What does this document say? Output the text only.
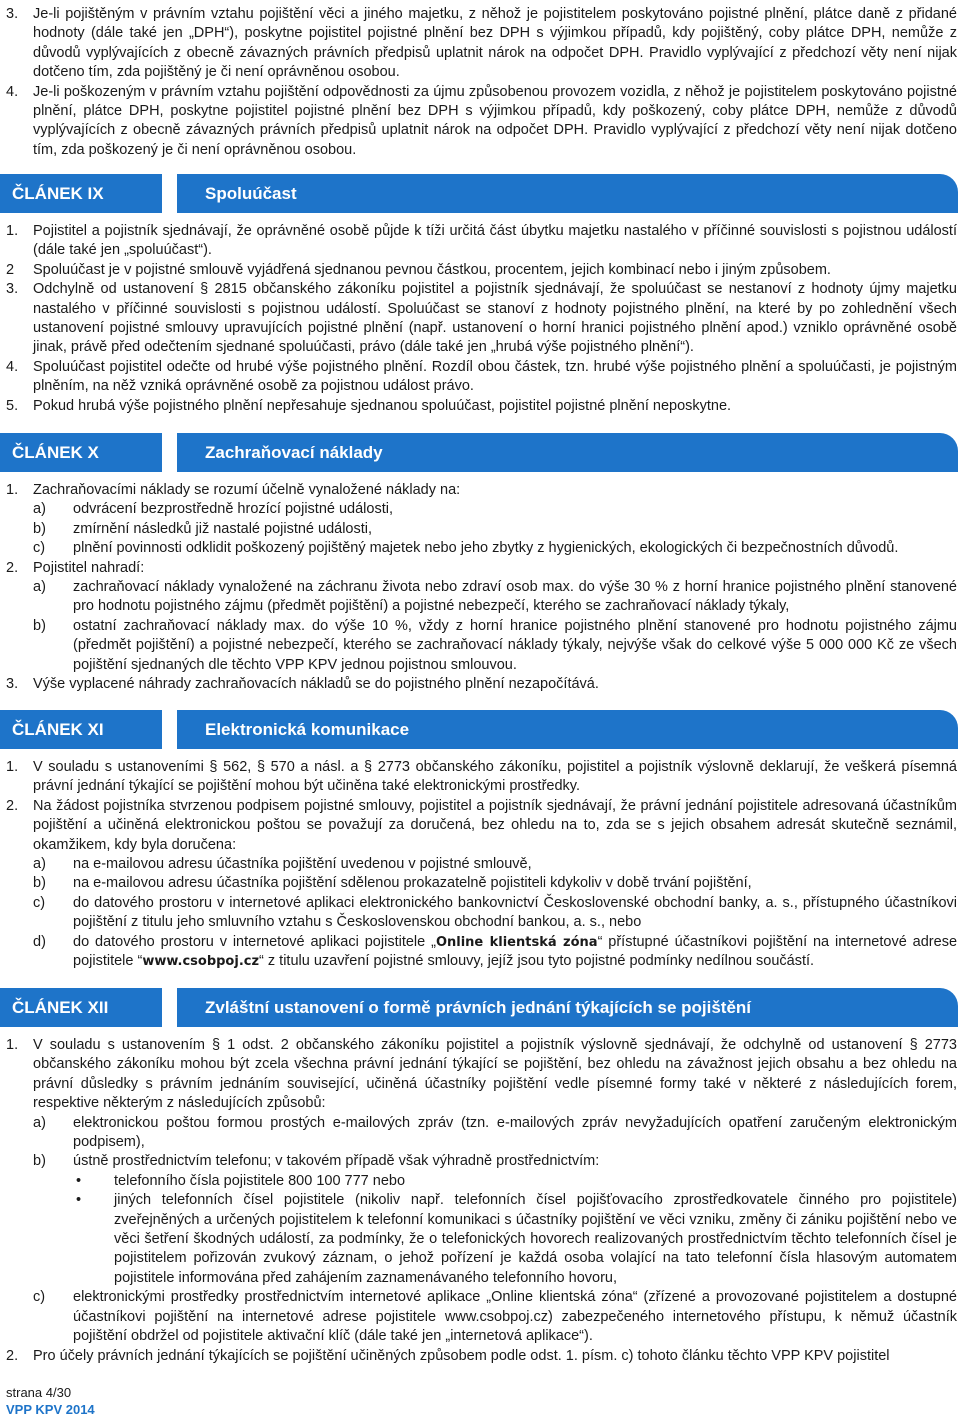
3. Je-li pojištěným v právním vztahu pojištění věci a jiného majetku, z něhož je pojistitelem poskytováno pojistné plnění, plátce daně z přidané hodnoty (dále také jen „DPH“), poskytne pojistitel pojistné plnění bez DPH s výjimkou případů, kdy pojištěný, coby plátce DPH, nemůže z důvodů vyplývajících z obecně závazných právních předpisů uplatnit nárok na odpočet DPH. Pravidlo vyplývající z předchozí věty není nijak dotčeno tím, zda pojištěný je či není oprávněnou osobou.
4. Je-li poškozeným v právním vztahu pojištění odpovědnosti za újmu způsobenou provozem vozidla, z něhož je pojistitelem poskytováno pojistné plnění, plátce DPH, poskytne pojistitel pojistné plnění bez DPH s výjimkou případů, kdy poškozený, coby plátce DPH, nemůže z důvodů vyplývajících z obecně závazných právních předpisů uplatnit nárok na odpočet DPH. Pravidlo vyplývající z předchozí věty není nijak dotčeno tím, zda poškozený je či není oprávněnou osobou.
ČLÁNEK IX	Spoluúčast
1. Pojistitel a pojistník sjednávají, že oprávněné osobě půjde k tíži určitá část úbytku majetku nastalého v příčinné souvislosti s pojistnou událostí (dále také jen „spoluúčast“).
2 Spoluúčast je v pojistné smlouvě vyjádřená sjednanou pevnou částkou, procentem, jejich kombinací nebo i jiným způsobem.
3. Odchylně od ustanovení § 2815 občanského zákoníku pojistitel a pojistník sjednávají, že spoluúčast se nestanoví z hodnoty újmy majetku nastalého v příčinné souvislosti s pojistnou událostí. Spoluúčast se stanoví z hodnoty pojistného plnění, na které by po zohlednění všech ustanovení pojistné smlouvy upravujících pojistné plnění (např. ustanovení o horní hranici pojistného plnění apod.) vzniklo oprávněné osobě jinak, právě před odečtením sjednané spoluúčasti, právo (dále také jen „hrubá výše pojistného plnění“).
4. Spoluúčast pojistitel odečte od hrubé výše pojistného plnění. Rozdíl obou částek, tzn. hrubé výše pojistného plnění a spoluúčasti, je pojistným plněním, na něž vzniká oprávněné osobě za pojistnou událost právo.
5. Pokud hrubá výše pojistného plnění nepřesahuje sjednanou spoluúčast, pojistitel pojistné plnění neposkytne.
ČLÁNEK X	Zachraňovací náklady
1. Zachraňovacími náklady se rozumí účelně vynaložené náklady na:
a) odvrácení bezprostředně hrozící pojistné události,
b) zmírnění následků již nastalé pojistné události,
c) plnění povinnosti odklidit poškozený pojištěný majetek nebo jeho zbytky z hygienických, ekologických či bezpečnostních důvodů.
2. Pojistitel nahradí:
a) zachraňovací náklady vynaložené na záchranu života nebo zdraví osob max. do výše 30 % z horní hranice pojistného plnění stanovené pro hodnotu pojistného zájmu (předmět pojištění) a pojistné nebezpečí, kterého se zachraňovací náklady týkaly,
b) ostatní zachraňovací náklady max. do výše 10 %, vždy z horní hranice pojistného plnění stanovené pro hodnotu pojistného zájmu (předmět pojištění) a pojistné nebezpečí, kterého se zachraňovací náklady týkaly, nejvýše však do celkové výše 5 000 000 Kč ze všech pojištění sjednaných dle těchto VPP KPV jednou pojistnou smlouvou.
3. Výše vyplacené náhrady zachraňovacích nákladů se do pojistného plnění nezapočítává.
ČLÁNEK XI	Elektronická komunikace
1. V souladu s ustanoveními § 562, § 570 a násl. a § 2773 občanského zákoníku, pojistitel a pojistník výslovně deklarují, že veškerá písemná právní jednání týkající se pojištění mohou být učiněna také elektronickými prostředky.
2. Na žádost pojistníka stvrzenou podpisem pojistné smlouvy, pojistitel a pojistník sjednávají, že právní jednání pojistitele adresovaná účastníkům pojištění a učiněná elektronickou poštou se považují za doručená, bez ohledu na to, zda se s jejich obsahem adresát skutečně seznámil, okamžikem, kdy byla doručena:
a) na e-mailovou adresu účastníka pojištění uvedenou v pojistné smlouvě,
b) na e-mailovou adresu účastníka pojištění sdělenou prokazatelně pojistiteli kdykoliv v době trvání pojištění,
c) do datového prostoru v internetové aplikaci elektronického bankovnictví Československé obchodní banky, a. s., přístupného účastníkovi pojištění z titulu jeho smluvního vztahu s Československou obchodní bankou, a. s., nebo
d) do datového prostoru v internetové aplikaci pojistitele „Online klientská zóna“ přístupné účastníkovi pojištění na internetové adrese pojistitele “www.csobpoj.cz“ z titulu uzavření pojistné smlouvy, jejíž jsou tyto pojistné podmínky nedílnou součástí.
ČLÁNEK XII	Zvláštní ustanovení o formě právních jednání týkajících se pojištění
1. V souladu s ustanovením § 1 odst. 2 občanského zákoníku pojistitel a pojistník výslovně sjednávají, že odchylně od ustanovení § 2773 občanského zákoníku mohou být zcela všechna právní jednání týkající se pojištění, bez ohledu na závažnost jejich obsahu a bez ohledu na právní důsledky s právním jednáním související, učiněná účastníky pojištění vedle písemné formy také v některé z následujících forem, respektive některým z následujících způsobů:
a) elektronickou poštou formou prostých e-mailových zpráv (tzn. e-mailových zpráv nevyžadujících opatření zaručeným elektronickým podpisem),
b) ústně prostřednictvím telefonu; v takovém případě však výhradně prostřednictvím:
• telefonního čísla pojistitele 800 100 777 nebo
• jiných telefonních čísel pojistitele (nikoliv např. telefonních čísel pojišťovacího zprostředkovatele činného pro pojistitele) zveřejněných a určených pojistitelem k telefonní komunikaci s účastníky pojištění ve věci vzniku, změny či zániku pojištění nebo ve věci šetření škodných událostí, za podmínky, že o telefonických hovorech realizovaných prostřednictvím těchto telefonních čísel je pojistitelem pořizován zvukový záznam, o jehož pořízení je každá osoba volající na tato telefonní čísla hlasovým automatem pojistitele informována před zahájením zaznamenávaného telefonního hovoru,
c) elektronickými prostředky prostřednictvím internetové aplikace „Online klientská zóna“ (zřízené a provozované pojistitelem a dostupné účastníkovi pojištění na internetové adrese pojistitele www.csobpoj.cz) zabezpečeného internetového přístupu, k němuž účastník pojištění obdržel od pojistitele aktivační klíč (dále také jen „internetová aplikace“).
2. Pro účely právních jednání týkajících se pojištění učiněných způsobem podle odst. 1. písm. c) tohoto článku těchto VPP KPV pojistitel
strana 4/30
VPP KPV 2014
